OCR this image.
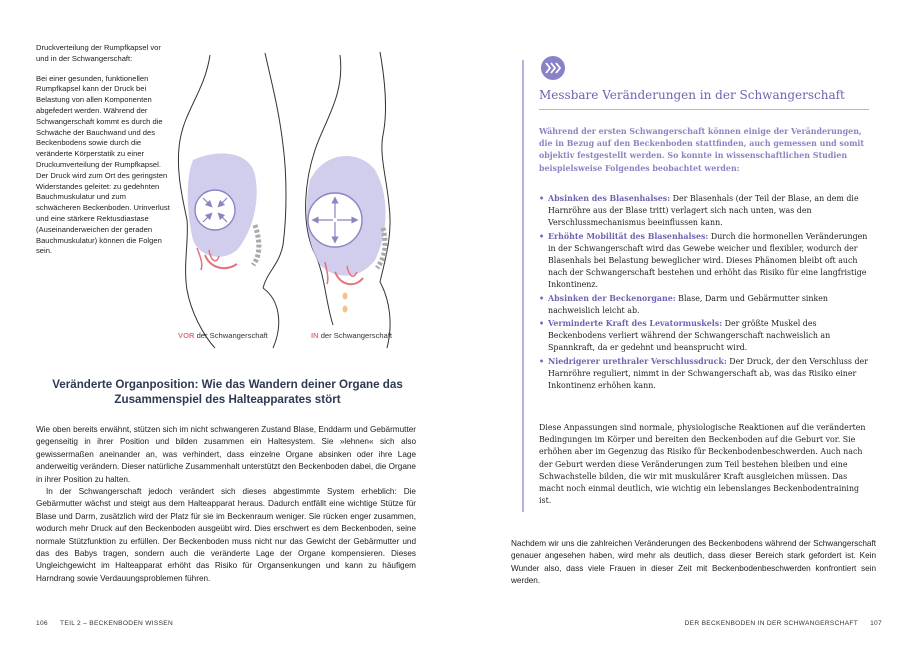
Druckverteilung der Rumpfkapsel vor und in der Schwangerschaft:

Bei einer gesunden, funktionellen Rumpfkapsel kann der Druck bei Belastung von allen Komponenten abgefedert werden. Während der Schwangerschaft kommt es durch die Schwäche der Bauchwand und des Beckenbodens sowie durch die veränderte Körperstatik zu einer Druckumverteilung der Rumpfkapsel. Der Druck wird zum Ort des geringsten Widerstandes geleitet: zu gedehnten Bauchmuskulatur und zum schwächeren Beckenboden. Urinverlust und eine stärkere Rektusdiastase (Auseinanderweichen der geraden Bauchmuskulatur) können die Folgen sein.

VOR der Schwangerschaft	IN der Schwangerschaft
Veränderte Organposition: Wie das Wandern deiner Organe das Zusammenspiel des Halteapparates stört

Wie oben bereits erwähnt, stützen sich im nicht schwangeren Zustand Blase, Enddarm und Gebärmutter gegenseitig in ihrer Position und bilden zusammen ein Haltesystem. Sie »lehnen« sich also gewissermaßen aneinander an, was verhindert, dass einzelne Organe absinken oder ihre Lage anderweitig verändern. Dieser natürliche Zusammenhalt unterstützt den Beckenboden dabei, die Organe in ihrer Position zu halten.

In der Schwangerschaft jedoch verändert sich dieses abgestimmte System erheblich: Die Gebärmutter wächst und steigt aus dem Halteapparat heraus. Dadurch entfällt eine wichtige Stütze für Blase und Darm, zusätzlich wird der Platz für sie im Beckenraum weniger. Sie rücken enger zusammen, wodurch mehr Druck auf den Beckenboden ausgeübt wird. Dies erschwert es dem Beckenboden, seine normale Stützfunktion zu erfüllen. Der Beckenboden muss nicht nur das Gewicht der Gebärmutter und das des Babys tragen, sondern auch die veränderte Lage der Organe kompensieren. Dieses Ungleichgewicht im Halteapparat erhöht das Risiko für Organsenkungen und kann zu häufigem Harndrang sowie Verdauungsproblemen führen.

106 TEIL 2 – BECKENBODEN WISSEN
Messbare Veränderungen in der Schwangerschaft
Während der ersten Schwangerschaft können einige der Veränderungen, die in Bezug auf den Beckenboden stattfinden, auch gemessen und somit objektiv festgestellt werden. So konnte in wissenschaftlichen Studien beispielsweise Folgendes beobachtet werden:
• Absinken des Blasenhalses: Der Blasenhals (der Teil der Blase, an dem die Harnröhre aus der Blase tritt) verlagert sich nach unten, was den Verschlussmechanismus beeinflussen kann.
• Erhöhte Mobilität des Blasenhalses: Durch die hormonellen Veränderungen in der Schwangerschaft wird das Gewebe weicher und flexibler, wodurch der Blasenhals bei Belastung beweglicher wird. Dieses Phänomen bleibt oft auch nach der Schwangerschaft bestehen und erhöht das Risiko für eine langfristige Inkontinenz.
• Absinken der Beckenorgane: Blase, Darm und Gebärmutter sinken nachweislich leicht ab.
• Verminderte Kraft des Levatormuskels: Der größte Muskel des Beckenbodens verliert während der Schwangerschaft nachweislich an Spannkraft, da er gedehnt und beansprucht wird.
• Niedrigerer urethraler Verschlussdruck: Der Druck, der den Verschluss der Harnröhre reguliert, nimmt in der Schwangerschaft ab, was das Risiko einer Inkontinenz erhöhen kann.
Diese Anpassungen sind normale, physiologische Reaktionen auf die veränderten Bedingungen im Körper und bereiten den Beckenboden auf die Geburt vor. Sie erhöhen aber im Gegenzug das Risiko für Beckenbodenbeschwerden. Auch nach der Geburt werden diese Veränderungen zum Teil bestehen bleiben und eine Schwachstelle bilden, die wir mit muskulärer Kraft ausgleichen müssen. Das macht noch einmal deutlich, wie wichtig ein lebenslanges Beckenbodentraining ist.
Nachdem wir uns die zahlreichen Veränderungen des Beckenbodens während der Schwangerschaft genauer angesehen haben, wird mehr als deutlich, dass dieser Bereich stark gefordert ist. Kein Wunder also, dass viele Frauen in dieser Zeit mit Beckenbodenbeschwerden konfrontiert sein werden.
DER BECKENBODEN IN DER SCHWANGERSCHAFT 107
